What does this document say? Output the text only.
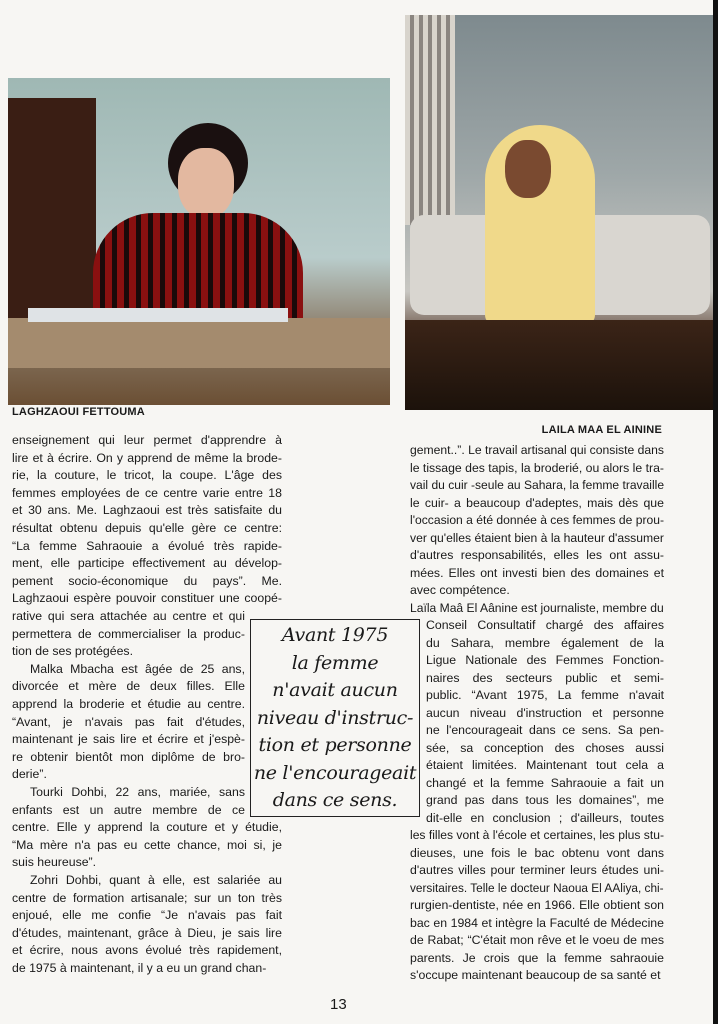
LAGHZAOUI FETTOUMA
LAILA MAA EL AININE
enseignement qui leur permet d'apprendre à
lire et à écrire. On y apprend de même la brode-
rie, la couture, le tricot, la coupe. L'âge des
femmes employées de ce centre varie entre 18
et 30 ans. Me. Laghzaoui est très satisfaite du
résultat obtenu depuis qu'elle gère ce centre:
“La femme Sahraouie a évolué très rapide-
ment, elle participe effectivement au dévelop-
pement socio-économique du pays”. Me.
Laghzaoui espère pouvoir constituer une coopé-
rative qui sera attachée au centre et qui
permettera de commercialiser la produc-
tion de ses protégées.
Malka Mbacha est âgée de 25 ans,
divorcée et mère de deux filles. Elle
apprend la broderie et étudie au centre.
“Avant, je n'avais pas fait d'études,
maintenant je sais lire et écrire et j'espè-
re obtenir bientôt mon diplôme de bro-
derie”.
Tourki Dohbi, 22 ans, mariée, sans
enfants est un autre membre de ce
centre. Elle y apprend la couture et y étudie,
“Ma mère n'a pas eu cette chance, moi si, je
suis heureuse”.
Zohri Dohbi, quant à elle, est salariée au
centre de formation artisanale; sur un ton très
enjoué, elle me confie “Je n'avais pas fait
d'études, maintenant, grâce à Dieu, je sais lire
et écrire, nous avons évolué très rapidement,
de 1975 à maintenant, il y a eu un grand chan-
gement..”. Le travail artisanal qui consiste dans
le tissage des tapis, la broderié, ou alors le tra-
vail du cuir -seule au Sahara, la femme travaille
le cuir- a beaucoup d'adeptes, mais dès que
l'occasion a été donnée à ces femmes de prou-
ver qu'elles étaient bien à la hauteur d'assumer
d'autres responsabilités, elles les ont assu-
mées. Elles ont investi bien des domaines et
avec compétence.
Laïla Maâ El Aânine est journaliste, membre du
Conseil Consultatif chargé des affaires
du Sahara, membre également de la
Ligue Nationale des Femmes Fonction-
naires des secteurs public et semi-
public. “Avant 1975, La femme n'avait
aucun niveau d'instruction et personne
ne l'encourageait dans ce sens. Sa pen-
sée, sa conception des choses aussi
étaient limitées. Maintenant tout cela a
changé et la femme Sahraouie a fait un
grand pas dans tous les domaines”, me
dit-elle en conclusion ; d'ailleurs, toutes
les filles vont à l'école et certaines, les plus stu-
dieuses, une fois le bac obtenu vont dans
d'autres villes pour terminer leurs études uni-
versitaires. Telle le docteur Naoua El AAliya, chi-
rurgien-dentiste, née en 1966. Elle obtient son
bac en 1984 et intègre la Faculté de Médecine
de Rabat; “C'était mon rêve et le voeu de mes
parents. Je crois que la femme sahraouie
s'occupe maintenant beaucoup de sa santé et
Avant 1975
la femme
n'avait aucun
niveau d'instruc-
tion et personne
ne l'encourageait
dans ce sens.
13
